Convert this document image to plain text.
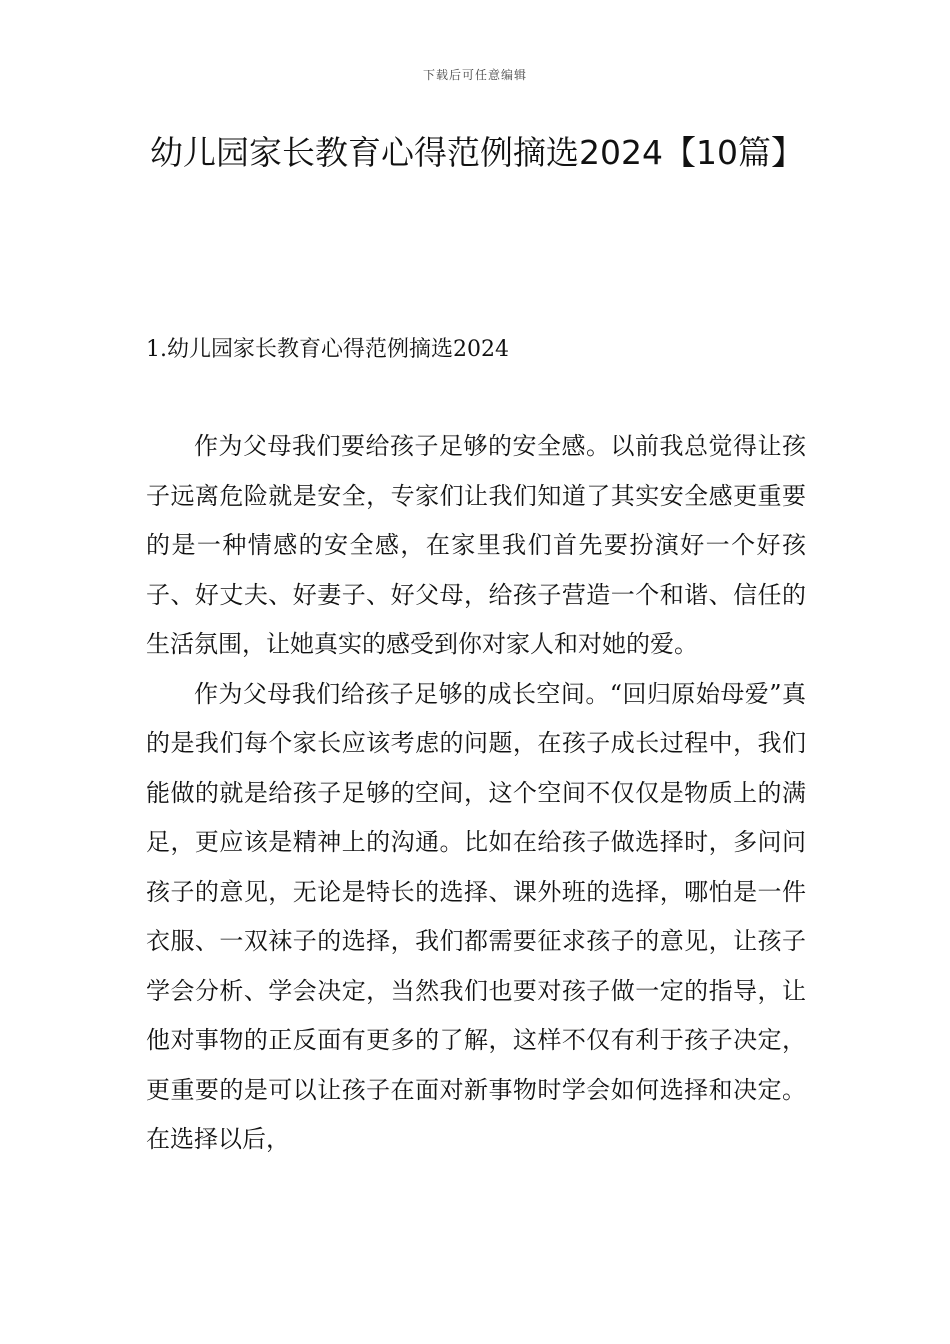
下载后可任意编辑
幼儿园家长教育心得范例摘选2024【10篇】
1.幼儿园家长教育心得范例摘选2024

作为父母我们要给孩子足够的安全感。以前我总觉得让孩子远离危险就是安全，专家们让我们知道了其实安全感更重要的是一种情感的安全感，在家里我们首先要扮演好一个好孩子、好丈夫、好妻子、好父母，给孩子营造一个和谐、信任的生活氛围，让她真实的感受到你对家人和对她的爱。

作为父母我们给孩子足够的成长空间。“回归原始母爱”真的是我们每个家长应该考虑的问题，在孩子成长过程中，我们能做的就是给孩子足够的空间，这个空间不仅仅是物质上的满足，更应该是精神上的沟通。比如在给孩子做选择时，多问问孩子的意见，无论是特长的选择、课外班的选择，哪怕是一件衣服、一双袜子的选择，我们都需要征求孩子的意见，让孩子学会分析、学会决定，当然我们也要对孩子做一定的指导，让他对事物的正反面有更多的了解，这样不仅有利于孩子决定，更重要的是可以让孩子在面对新事物时学会如何选择和决定。在选择以后，
